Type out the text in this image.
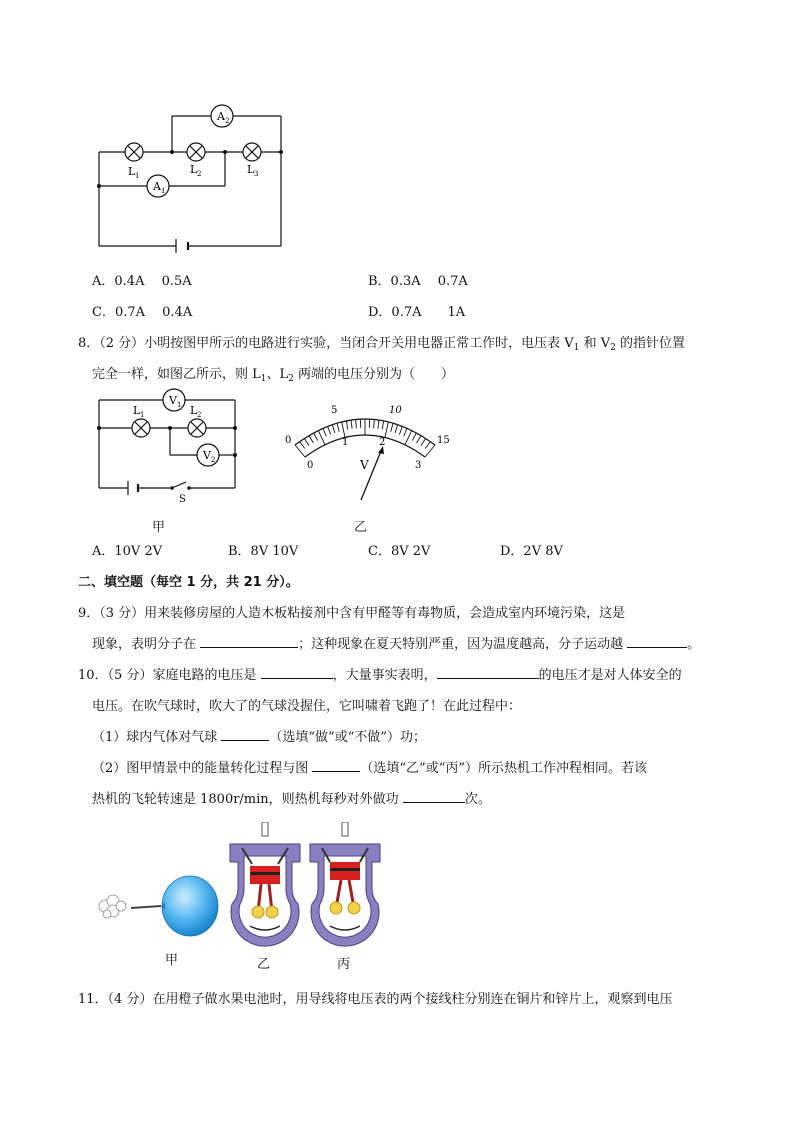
A 2
A 1
L 1	L 2	L 3
A．0.4A　 0.5A	B．0.3A　 0.7A
C．0.7A　 0.4A	D．0.7A　　1A
8．（2 分）小明按图甲所示的电路进行实验，当闭合开关用电器正常工作时，电压表 $V_1$ 和 $V_2$ 的指针位置
完全一样，如图乙所示，则 $L_1$、$L_2$ 两端的电压分别为（　　）
V 1
V 2
L 1	L 2
S
甲
0
5	10
15
0
1	2
3
V
乙
A．10V 2V	B．8V 10V	C．8V 2V	D．2V 8V
二、填空题（每空 1 分，共 21 分）。
9．（3 分）用来装修房屋的人造木板粘接剂中含有甲醛等有毒物质，会造成室内环境污染，这是
现象，表明分子在	；这种现象在夏天特别严重，因为温度越高，分子运动越	。
10．（5 分）家庭电路的电压是	，大量事实表明，	的电压才是对人体安全的
电压。在吹气球时，吹大了的气球没握住，它叫啸着飞跑了！在此过程中：
（1）球内气体对气球	（选填“做”或“不做”）功；
（2）图甲情景中的能量转化过程与图	（选填“乙”或“丙”）所示热机工作冲程相同。若该
热机的飞轮转速是 1800r/min，则热机每秒对外做功	次。
乙	丙
甲
11．（4 分）在用橙子做水果电池时，用导线将电压表的两个接线柱分别连在铜片和锌片上，观察到电压
